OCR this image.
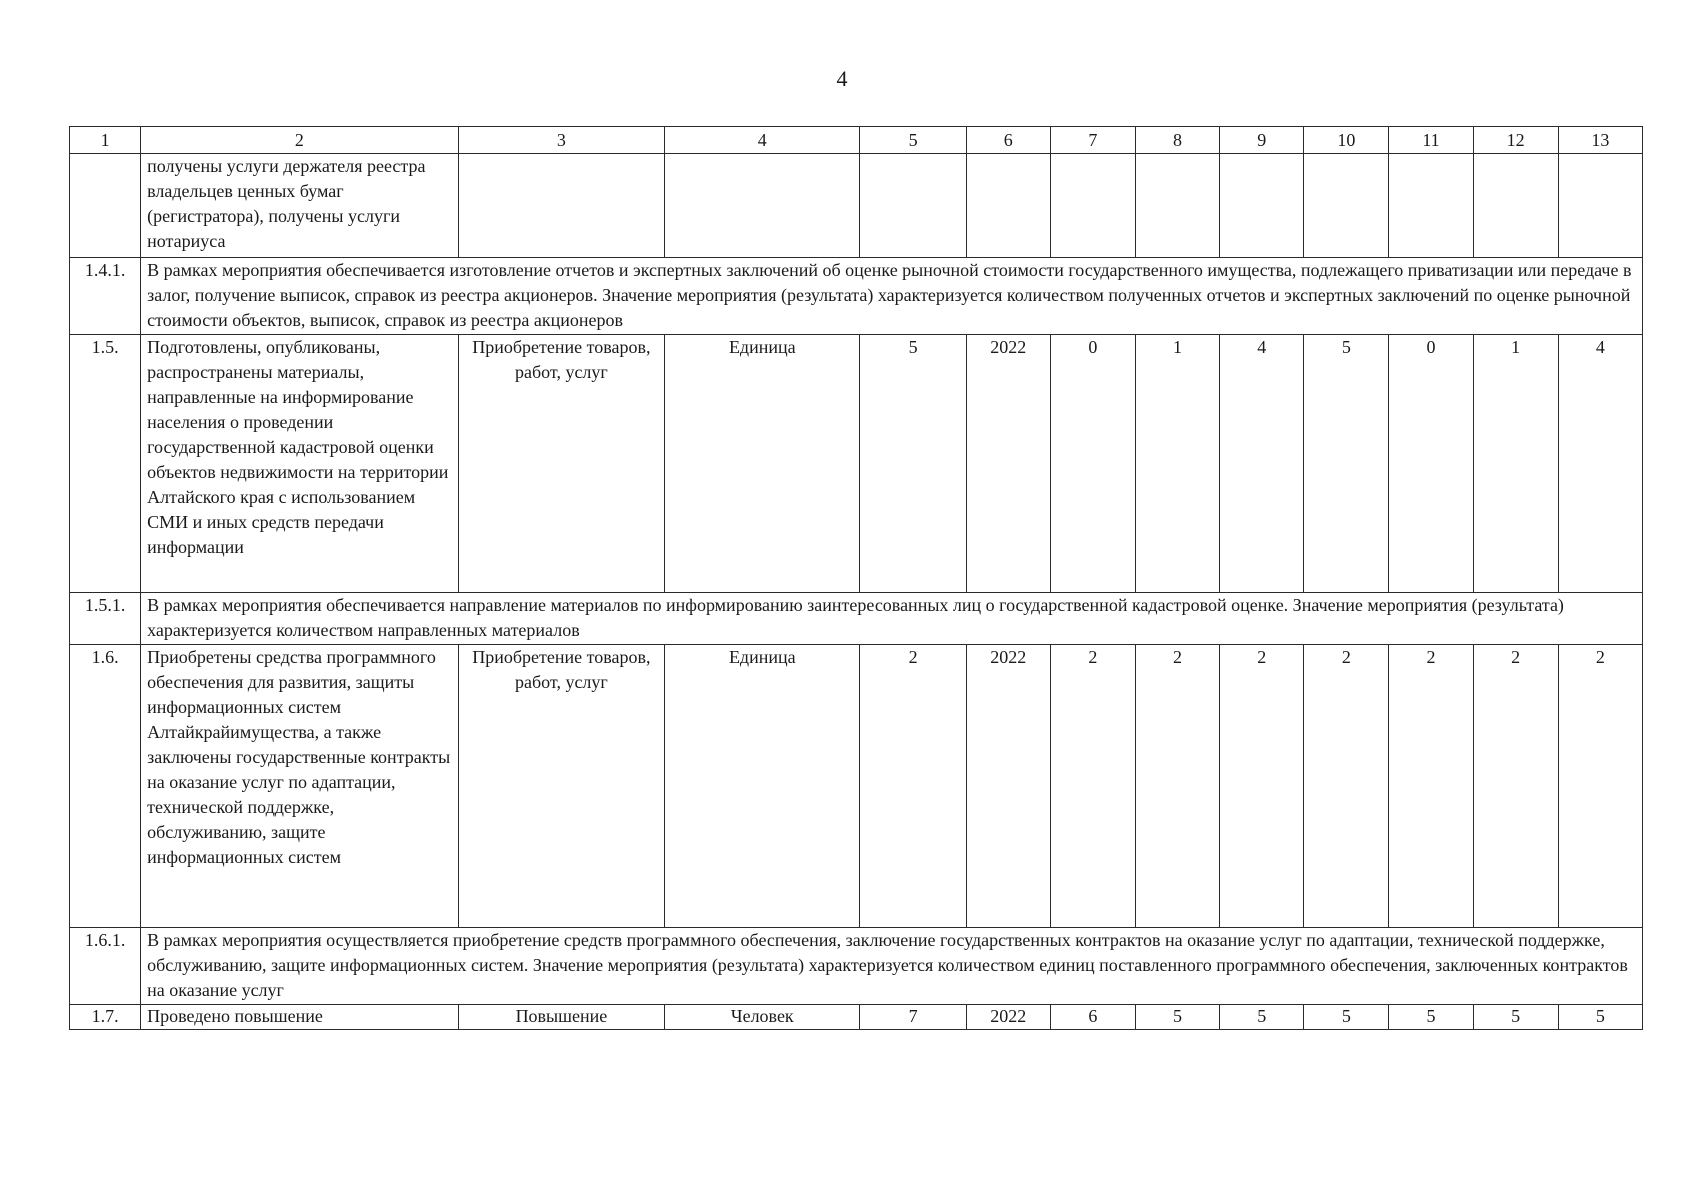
4
1	2	3	4	5	6	7	8	9	10	11	12	13
	получены услуги держателя реестра владельцев ценных бумаг (регистратора), получены услуги нотариуса											
1.4.1.	В рамках мероприятия обеспечивается изготовление отчетов и экспертных заключений об оценке рыночной стоимости государственного имущества, подлежащего приватизации или передаче в залог, получение выписок, справок из реестра акционеров. Значение мероприятия (результата) характеризуется количеством полученных отчетов и экспертных заключений по оценке рыночной стоимости объектов, выписок, справок из реестра акционеров											
1.5.	Подготовлены, опубликованы, распространены материалы, направленные на информирование населения о проведении государственной кадастровой оценки объектов недвижимости на территории Алтайского края с использованием СМИ и иных средств передачи информации	Приобретение товаров, работ, услуг	Единица	5	2022	0	1	4	5	0	1	4
1.5.1.	В рамках мероприятия обеспечивается направление материалов по информированию заинтересованных лиц о государственной кадастровой оценке. Значение мероприятия (результата) характеризуется количеством направленных материалов											
1.6.	Приобретены средства программного обеспечения для развития, защиты информационных систем Алтайкрайимущества, а также заключены государственные контракты на оказание услуг по адаптации, технической поддержке, обслуживанию, защите информационных систем	Приобретение товаров, работ, услуг	Единица	2	2022	2	2	2	2	2	2	2
1.6.1.	В рамках мероприятия осуществляется приобретение средств программного обеспечения, заключение государственных контрактов на оказание услуг по адаптации, технической поддержке, обслуживанию, защите информационных систем. Значение мероприятия (результата) характеризуется количеством единиц поставленного программного обеспечения, заключенных контрактов на оказание услуг											
1.7.	Проведено повышение	Повышение	Человек	7	2022	6	5	5	5	5	5	5
